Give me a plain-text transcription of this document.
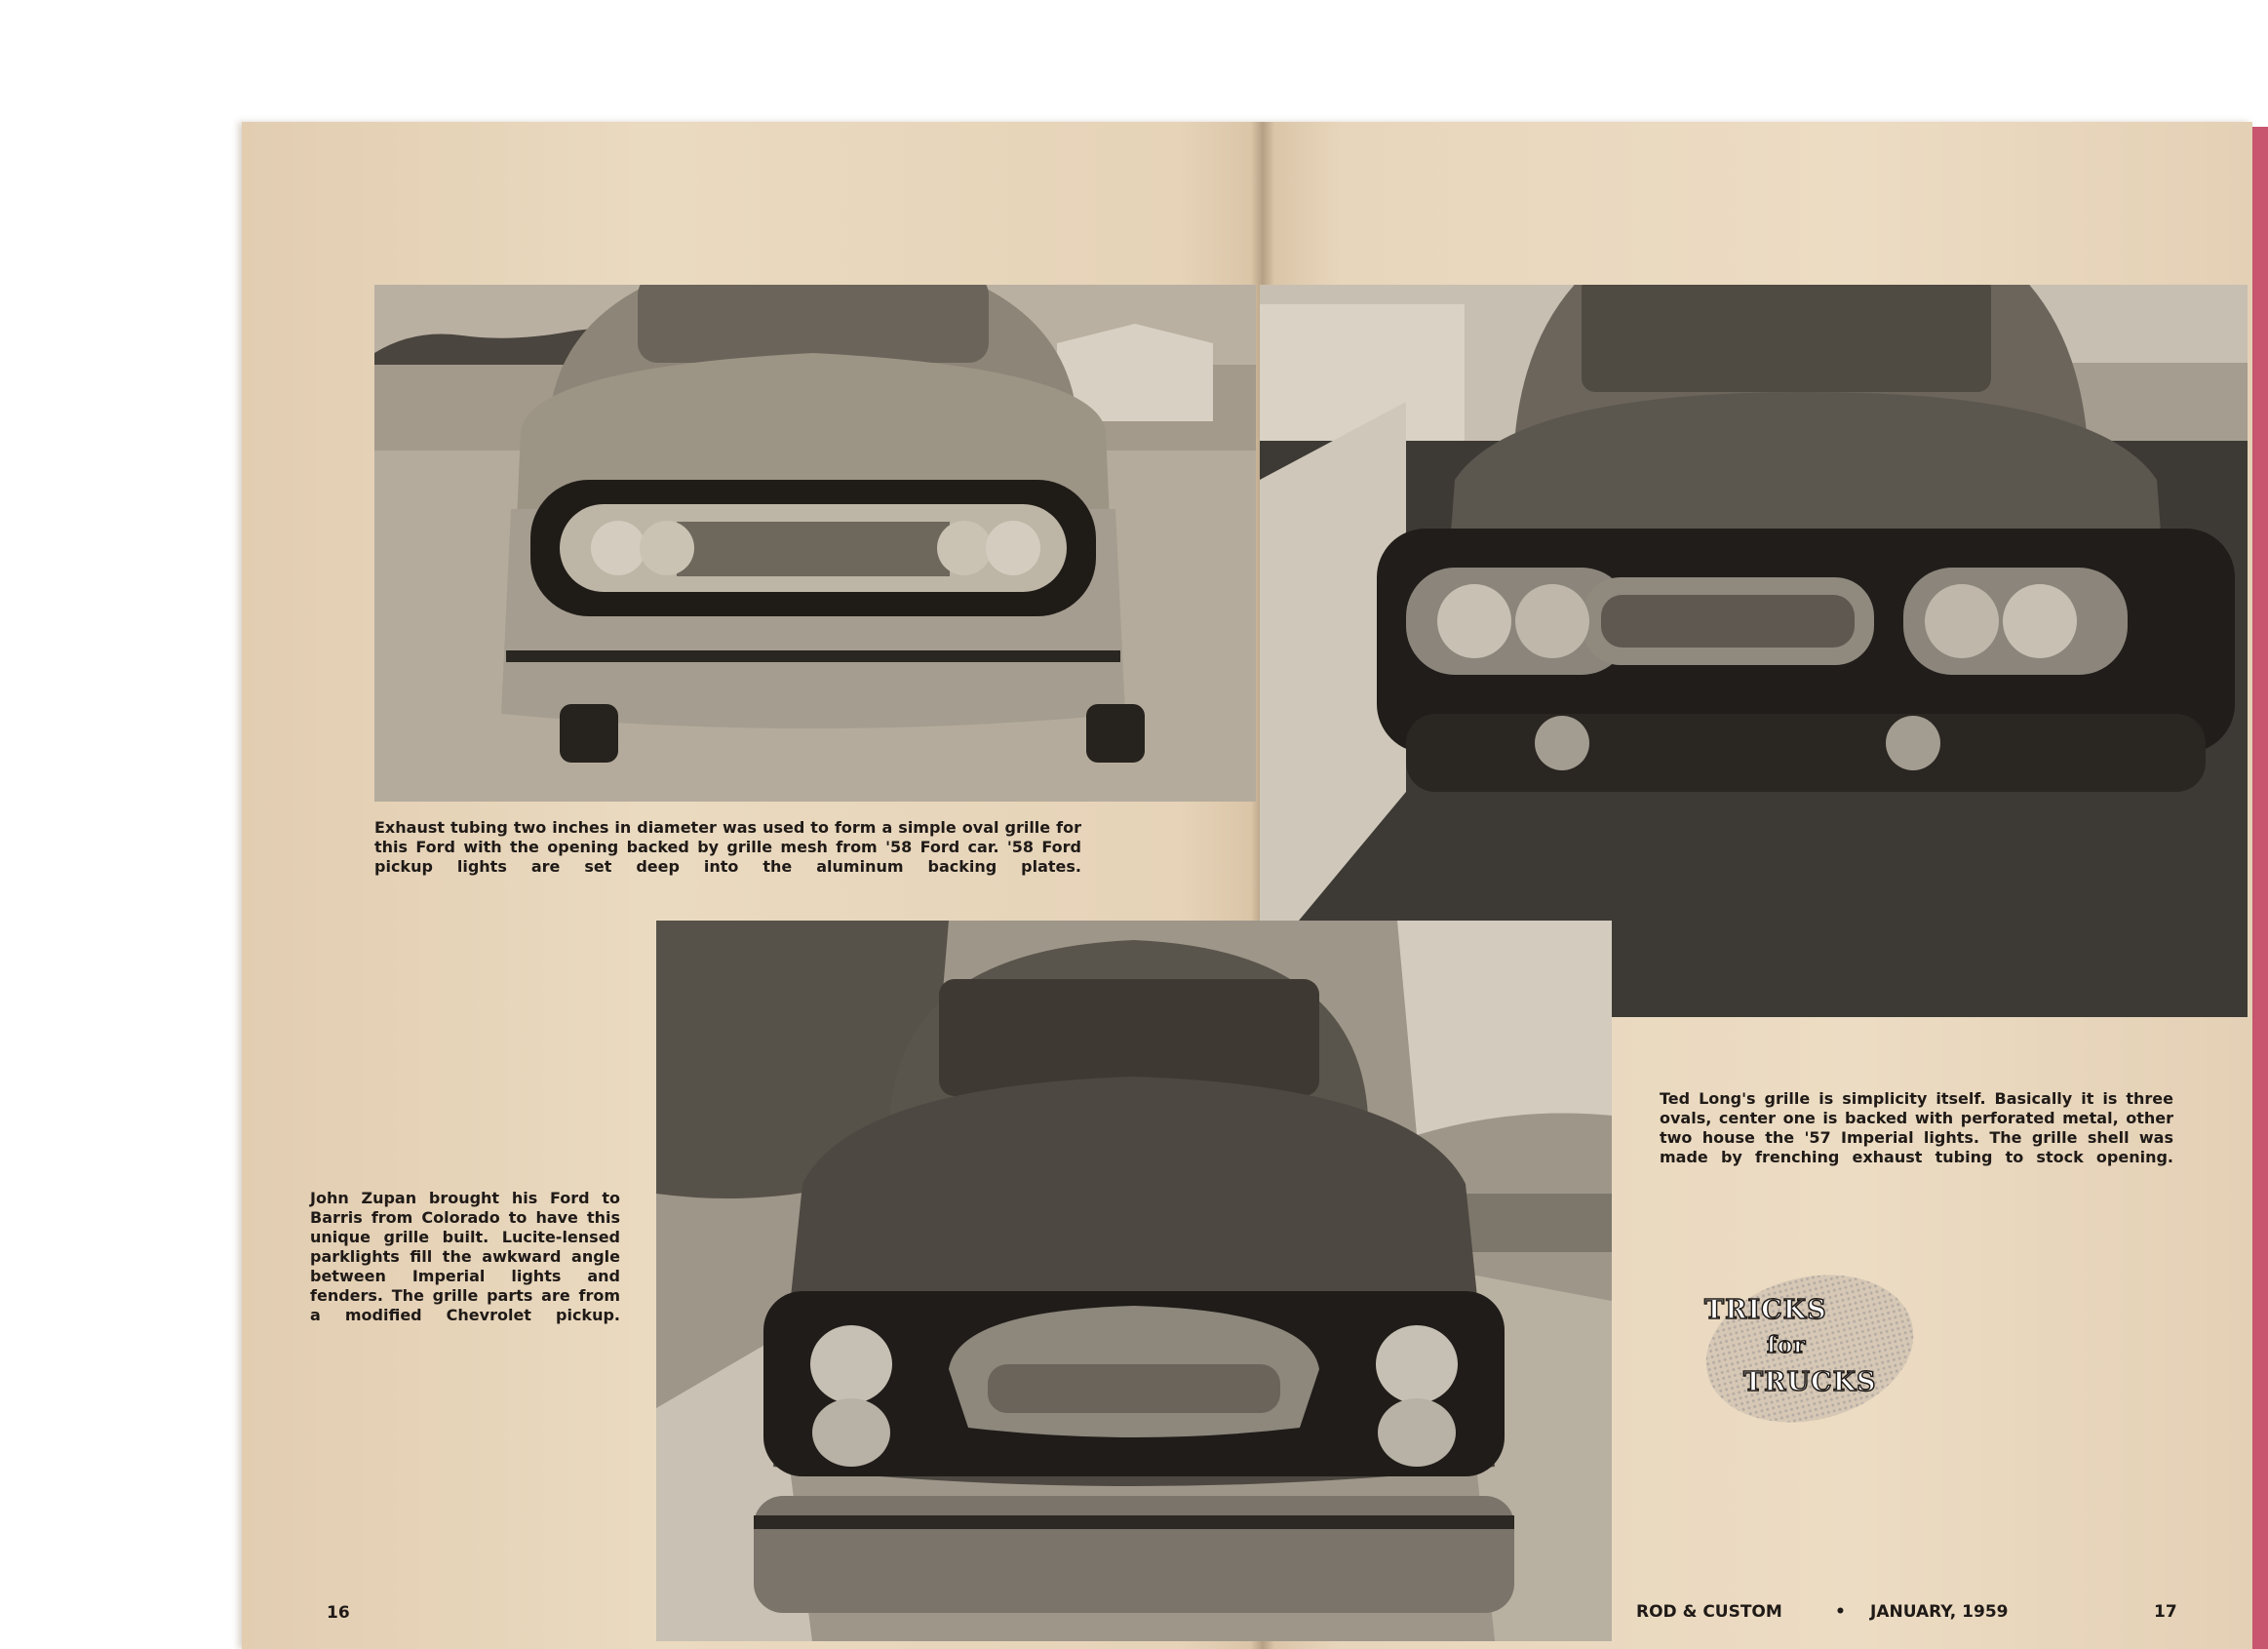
Exhaust tubing two inches in diameter was used to form a simple oval grille for this Ford with the opening backed by grille mesh from '58 Ford car. '58 Ford pickup lights are set deep into the aluminum backing plates.
Ted Long's grille is simplicity itself. Basically it is three ovals, center one is backed with perforated metal, other two house the '57 Imperial lights. The grille shell was made by frenching exhaust tubing to stock opening.
John Zupan brought his Ford to Barris from Colorado to have this unique grille built. Lucite-lensed parklights fill the awkward angle between Imperial lights and fenders. The grille parts are from a modified Chevrolet pickup.	TRICKS
for
TRUCKS
16	ROD & CUSTOM	• JANUARY, 1959	17
